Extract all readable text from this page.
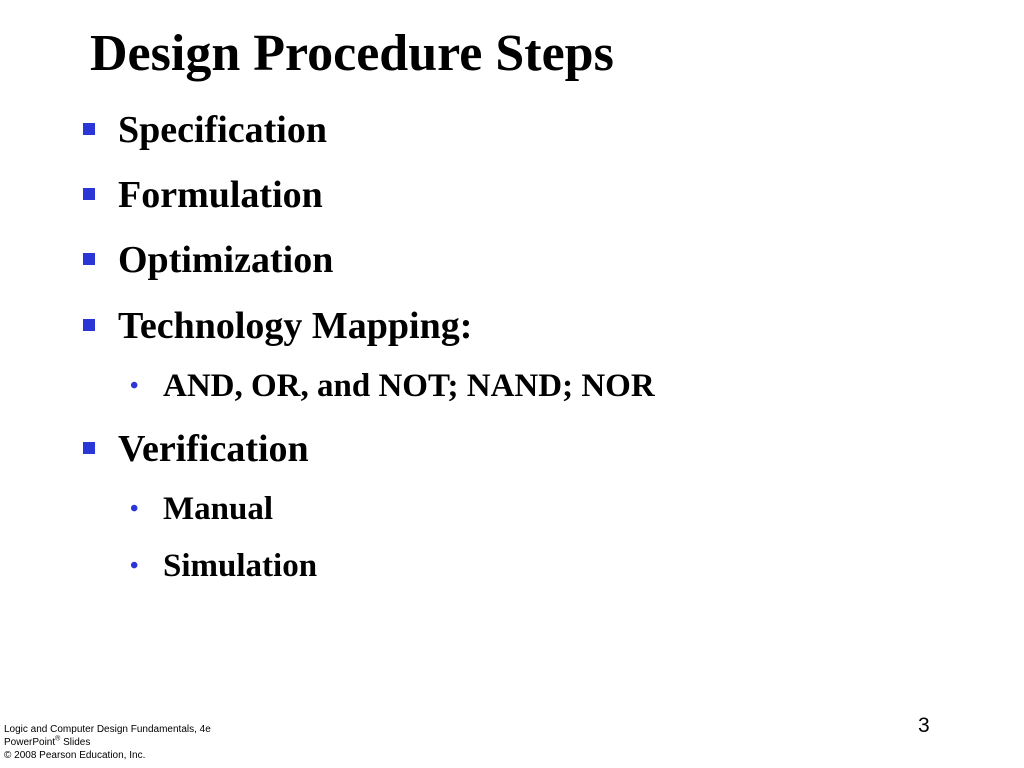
Design Procedure Steps
Specification
Formulation
Optimization
Technology Mapping:
• AND, OR, and NOT; NAND; NOR
Verification
• Manual
• Simulation
Logic and Computer Design Fundamentals, 4e
PowerPoint® Slides
© 2008 Pearson Education, Inc.
3
